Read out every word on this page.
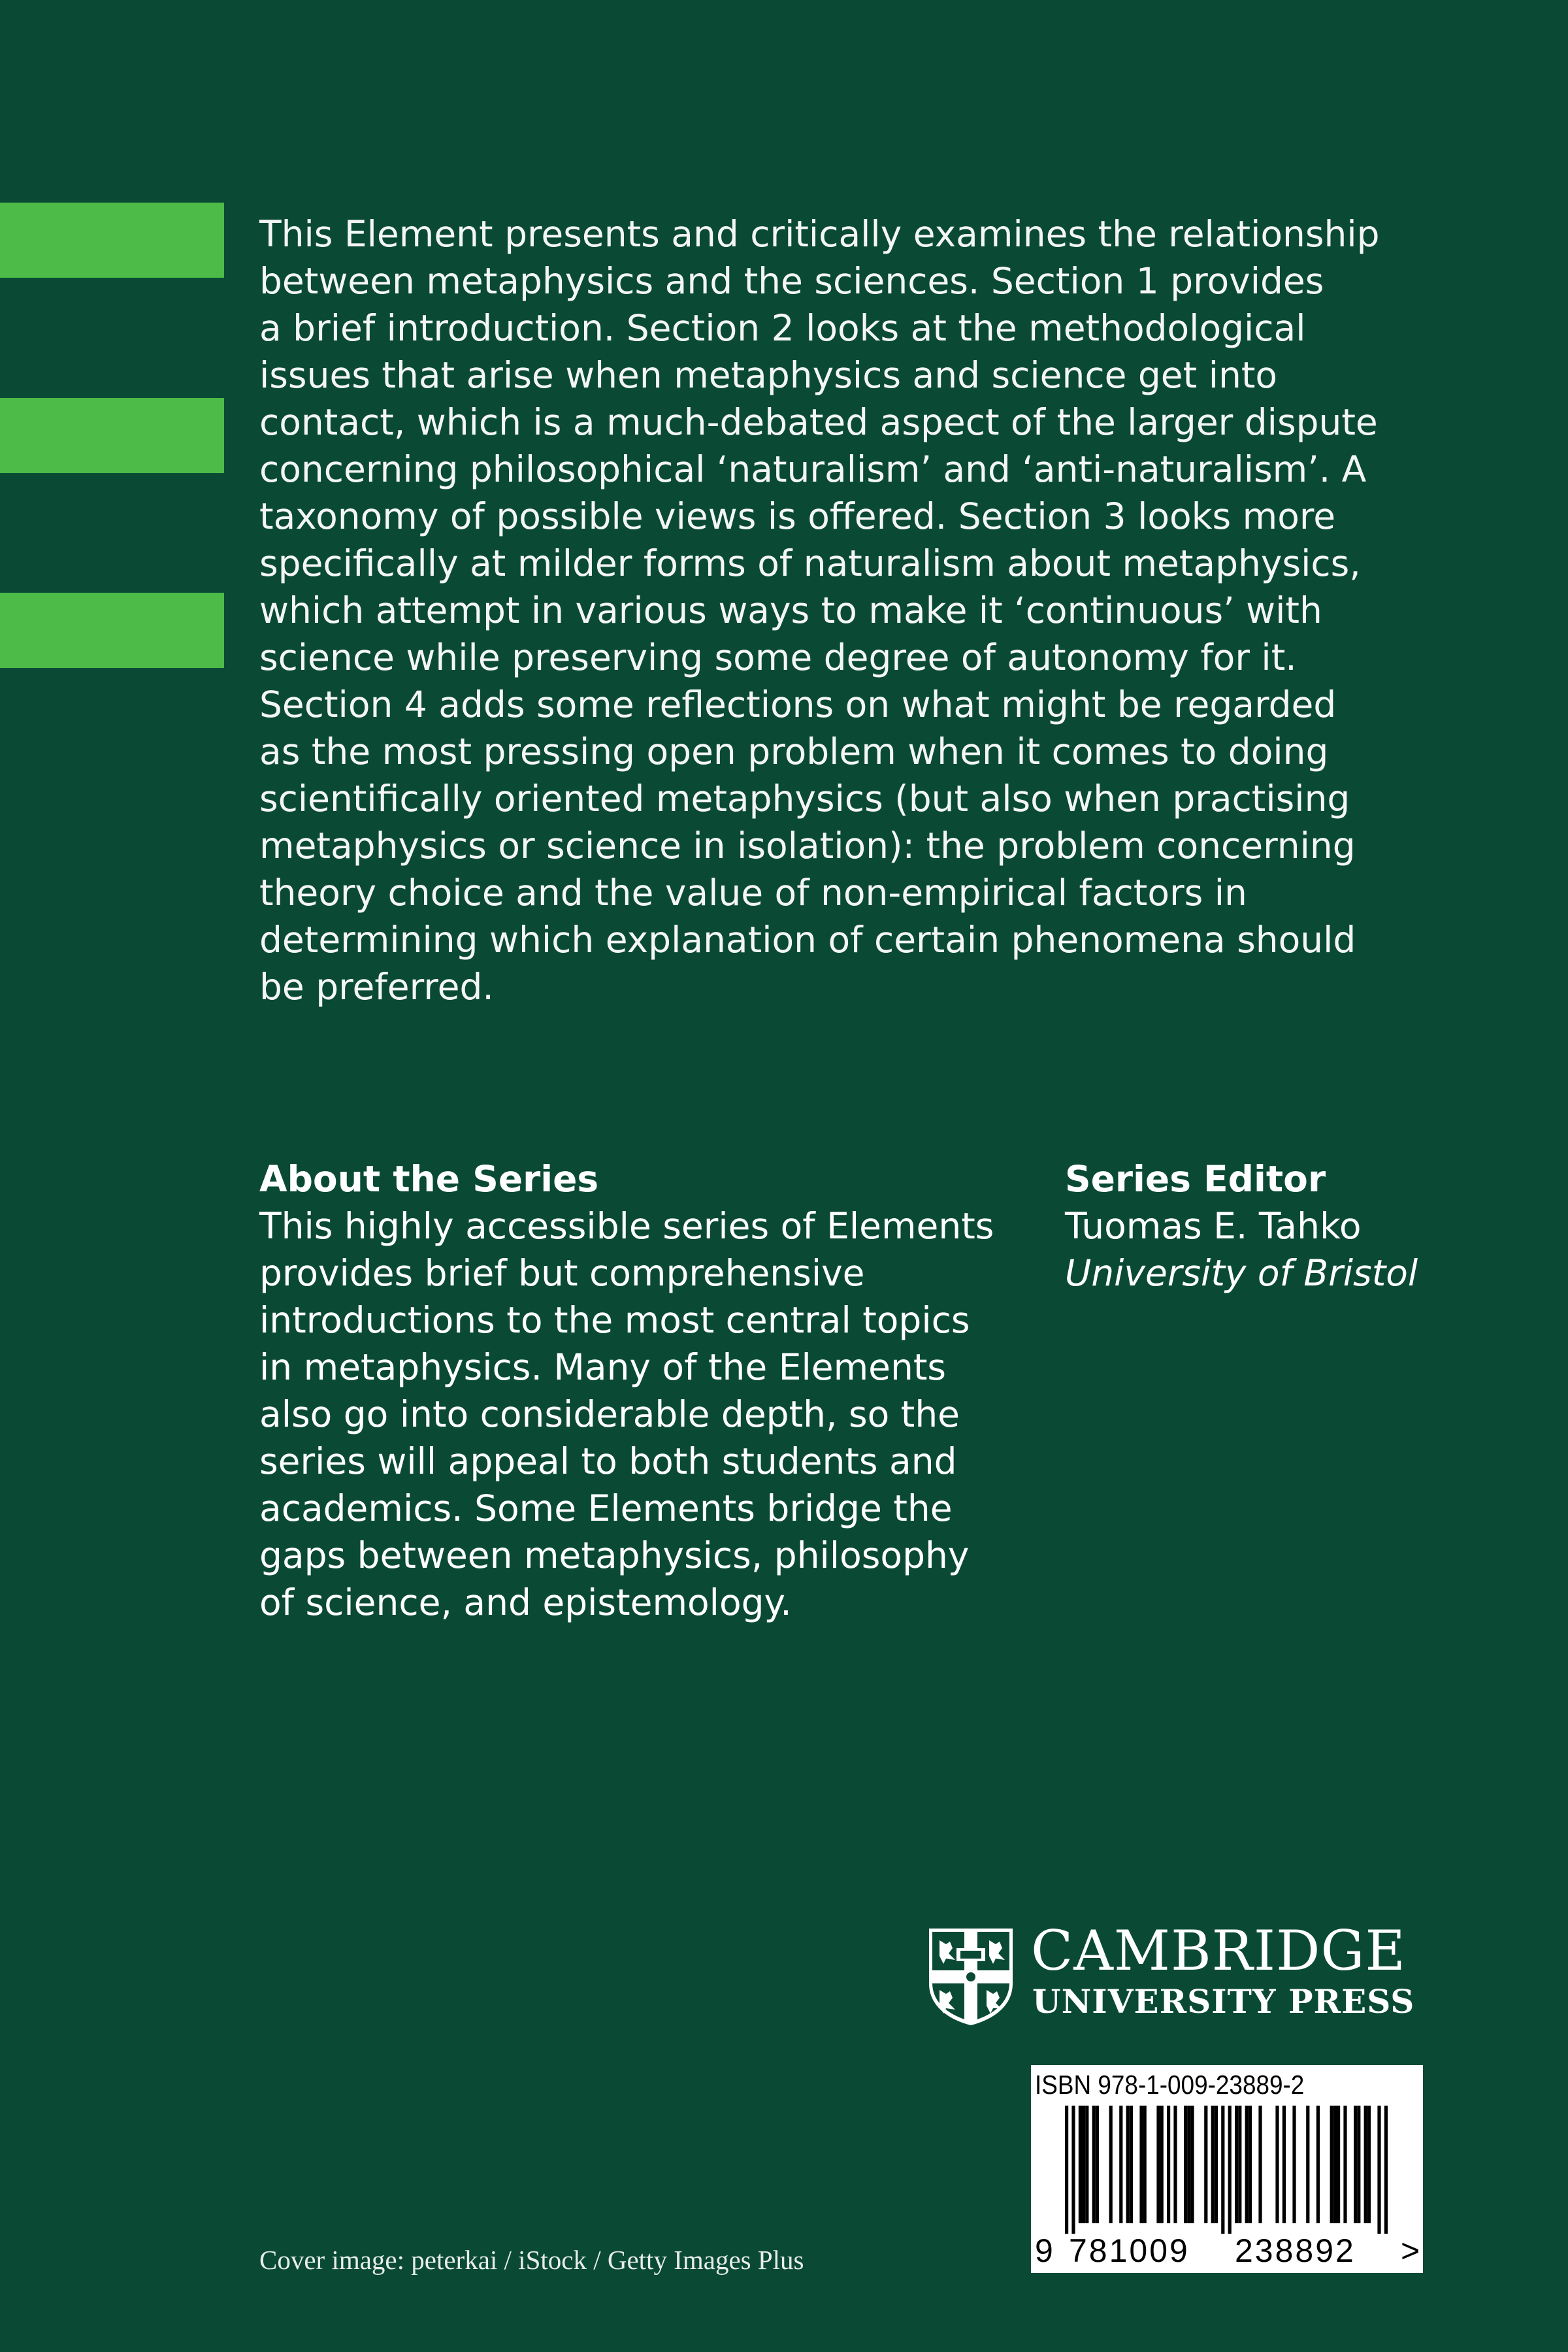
This Element presents and critically examines the relationship
between metaphysics and the sciences. Section 1 provides
a brief introduction. Section 2 looks at the methodological
issues that arise when metaphysics and science get into
contact, which is a much-debated aspect of the larger dispute
concerning philosophical ‘naturalism’ and ‘anti-naturalism’. A
taxonomy of possible views is offered. Section 3 looks more
specifically at milder forms of naturalism about metaphysics,
which attempt in various ways to make it ‘continuous’ with
science while preserving some degree of autonomy for it.
Section 4 adds some reflections on what might be regarded
as the most pressing open problem when it comes to doing
scientifically oriented metaphysics (but also when practising
metaphysics or science in isolation): the problem concerning
theory choice and the value of non-empirical factors in
determining which explanation of certain phenomena should
be preferred.
About the Series
This highly accessible series of Elements
provides brief but comprehensive
introductions to the most central topics
in metaphysics. Many of the Elements
also go into considerable depth, so the
series will appeal to both students and
academics. Some Elements bridge the
gaps between metaphysics, philosophy
of science, and epistemology.
Series Editor
Tuomas E. Tahko
University of Bristol
CAMBRIDGE
UNIVERSITY PRESS
ISBN 978-1-009-23889-2
9 781009 238892 >
Cover image: peterkai / iStock / Getty Images Plus
